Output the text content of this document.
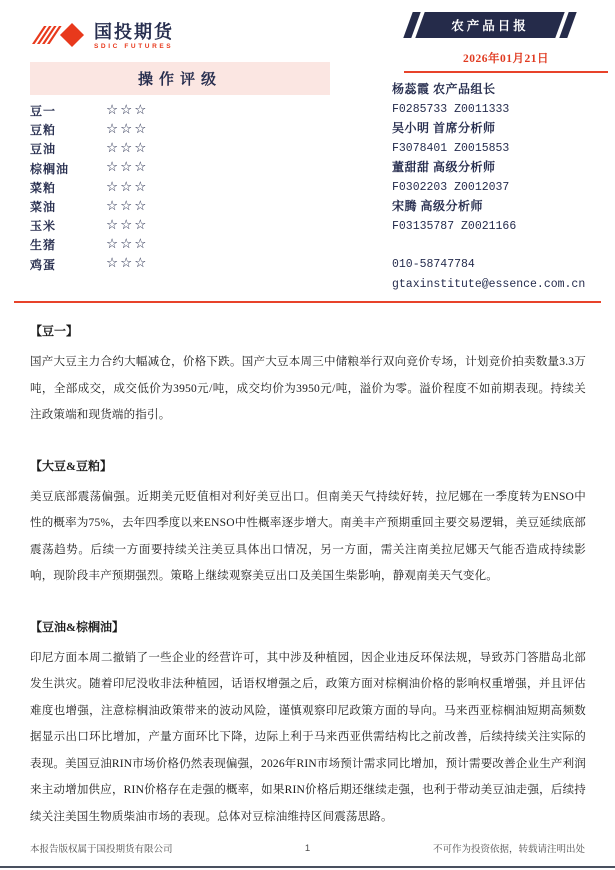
国投期货
SDIC FUTURES
农产品日报
2026年01月21日
操作评级
豆一	☆☆☆
豆粕	☆☆☆
豆油	☆☆☆
棕榈油	☆☆☆
菜粕	☆☆☆
菜油	☆☆☆
玉米	☆☆☆
生猪	☆☆☆
鸡蛋	☆☆☆
杨蕊霞 农产品组长
F0285733 Z0011333
吴小明 首席分析师
F3078401 Z0015853
董甜甜 高级分析师
F0302203 Z0012037
宋腾 高级分析师
F03135787 Z0021166
010-58747784
gtaxinstitute@essence.com.cn
【豆一】
国产大豆主力合约大幅减仓，价格下跌。国产大豆本周三中储粮举行双向竞价专场，计划竞价拍卖数量3.3万吨，全部成交，成交低价为3950元/吨，成交均价为3950元/吨，溢价为零。溢价程度不如前期表现。持续关注政策端和现货端的指引。
【大豆&豆粕】
美豆底部震荡偏强。近期美元贬值相对利好美豆出口。但南美天气持续好转，拉尼娜在一季度转为ENSO中性的概率为75%，去年四季度以来ENSO中性概率逐步增大。南美丰产预期重回主要交易逻辑，美豆延续底部震荡趋势。后续一方面要持续关注美豆具体出口情况，另一方面，需关注南美拉尼娜天气能否造成持续影响，现阶段丰产预期强烈。策略上继续观察美豆出口及美国生柴影响，静观南美天气变化。
【豆油&棕榈油】
印尼方面本周二撤销了一些企业的经营许可，其中涉及种植园，因企业违反环保法规，导致苏门答腊岛北部发生洪灾。随着印尼没收非法种植园，话语权增强之后，政策方面对棕榈油价格的影响权重增强，并且评估难度也增强，注意棕榈油政策带来的波动风险，谨慎观察印尼政策方面的导向。马来西亚棕榈油短期高频数据显示出口环比增加，产量方面环比下降，边际上利于马来西亚供需结构比之前改善，后续持续关注实际的表现。美国豆油RIN市场价格仍然表现偏强，2026年RIN市场预计需求同比增加，预计需要改善企业生产利润来主动增加供应，RIN价格存在走强的概率，如果RIN价格后期还继续走强，也利于带动美豆油走强，后续持续关注美国生物质柴油市场的表现。总体对豆棕油维持区间震荡思路。
本报告版权属于国投期货有限公司	1	不可作为投资依据，转载请注明出处
